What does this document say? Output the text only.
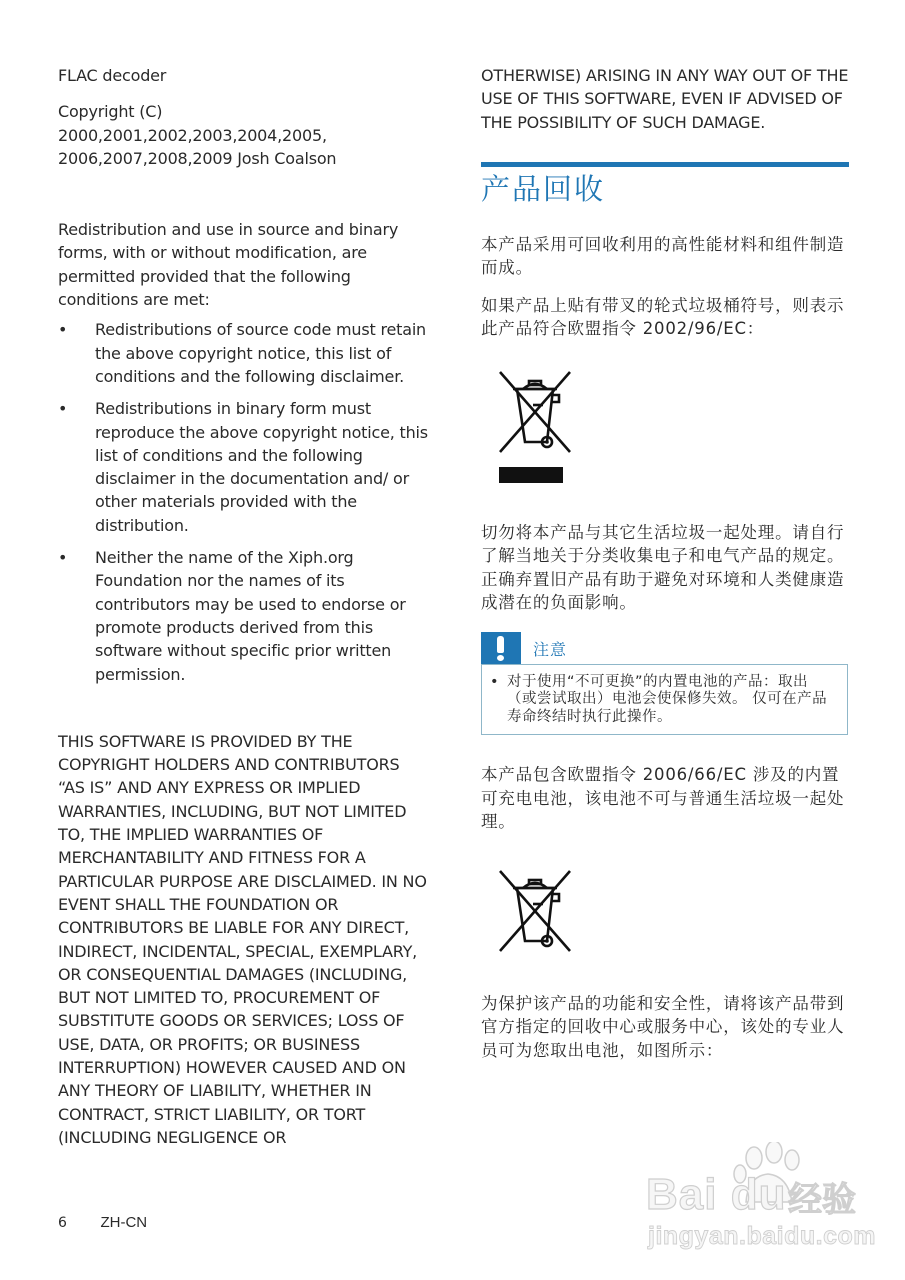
FLAC decoder

Copyright (C) 2000,2001,2002,2003,2004,2005, 2006,2007,2008,2009 Josh Coalson

Redistribution and use in source and binary forms, with or without modification, are permitted provided that the following conditions are met:

• Redistributions of source code must retain the above copyright notice, this list of conditions and the following disclaimer.
• Redistributions in binary form must reproduce the above copyright notice, this list of conditions and the following disclaimer in the documentation and/ or other materials provided with the distribution.
• Neither the name of the Xiph.org Foundation nor the names of its contributors may be used to endorse or promote products derived from this software without specific prior written permission.

THIS SOFTWARE IS PROVIDED BY THE COPYRIGHT HOLDERS AND CONTRIBUTORS “AS IS” AND ANY EXPRESS OR IMPLIED WARRANTIES, INCLUDING, BUT NOT LIMITED TO, THE IMPLIED WARRANTIES OF MERCHANTABILITY AND FITNESS FOR A PARTICULAR PURPOSE ARE DISCLAIMED. IN NO EVENT SHALL THE FOUNDATION OR CONTRIBUTORS BE LIABLE FOR ANY DIRECT, INDIRECT, INCIDENTAL, SPECIAL, EXEMPLARY, OR CONSEQUENTIAL DAMAGES (INCLUDING, BUT NOT LIMITED TO, PROCUREMENT OF SUBSTITUTE GOODS OR SERVICES; LOSS OF USE, DATA, OR PROFITS; OR BUSINESS INTERRUPTION) HOWEVER CAUSED AND ON ANY THEORY OF LIABILITY, WHETHER IN CONTRACT, STRICT LIABILITY, OR TORT (INCLUDING NEGLIGENCE OR

OTHERWISE) ARISING IN ANY WAY OUT OF THE USE OF THIS SOFTWARE, EVEN IF ADVISED OF THE POSSIBILITY OF SUCH DAMAGE.

产品回收

本产品采用可回收利用的高性能材料和组件制造而成。

如果产品上贴有带叉的轮式垃圾桶符号，则表示此产品符合欧盟指令 2002/96/EC：

切勿将本产品与其它生活垃圾一起处理。请自行了解当地关于分类收集电子和电气产品的规定。 正确弃置旧产品有助于避免对环境和人类健康造成潜在的负面影响。

注意
• 对于使用“不可更换”的内置电池的产品：取出（或尝试取出）电池会使保修失效。 仅可在产品寿命终结时执行此操作。

本产品包含欧盟指令 2006/66/EC 涉及的内置可充电电池，该电池不可与普通生活垃圾一起处理。

为保护该产品的功能和安全性，请将该产品带到官方指定的回收中心或服务中心，该处的专业人员可为您取出电池，如图所示：

6 ZH-CN
Bai du 经验
jingyan.baidu.com
